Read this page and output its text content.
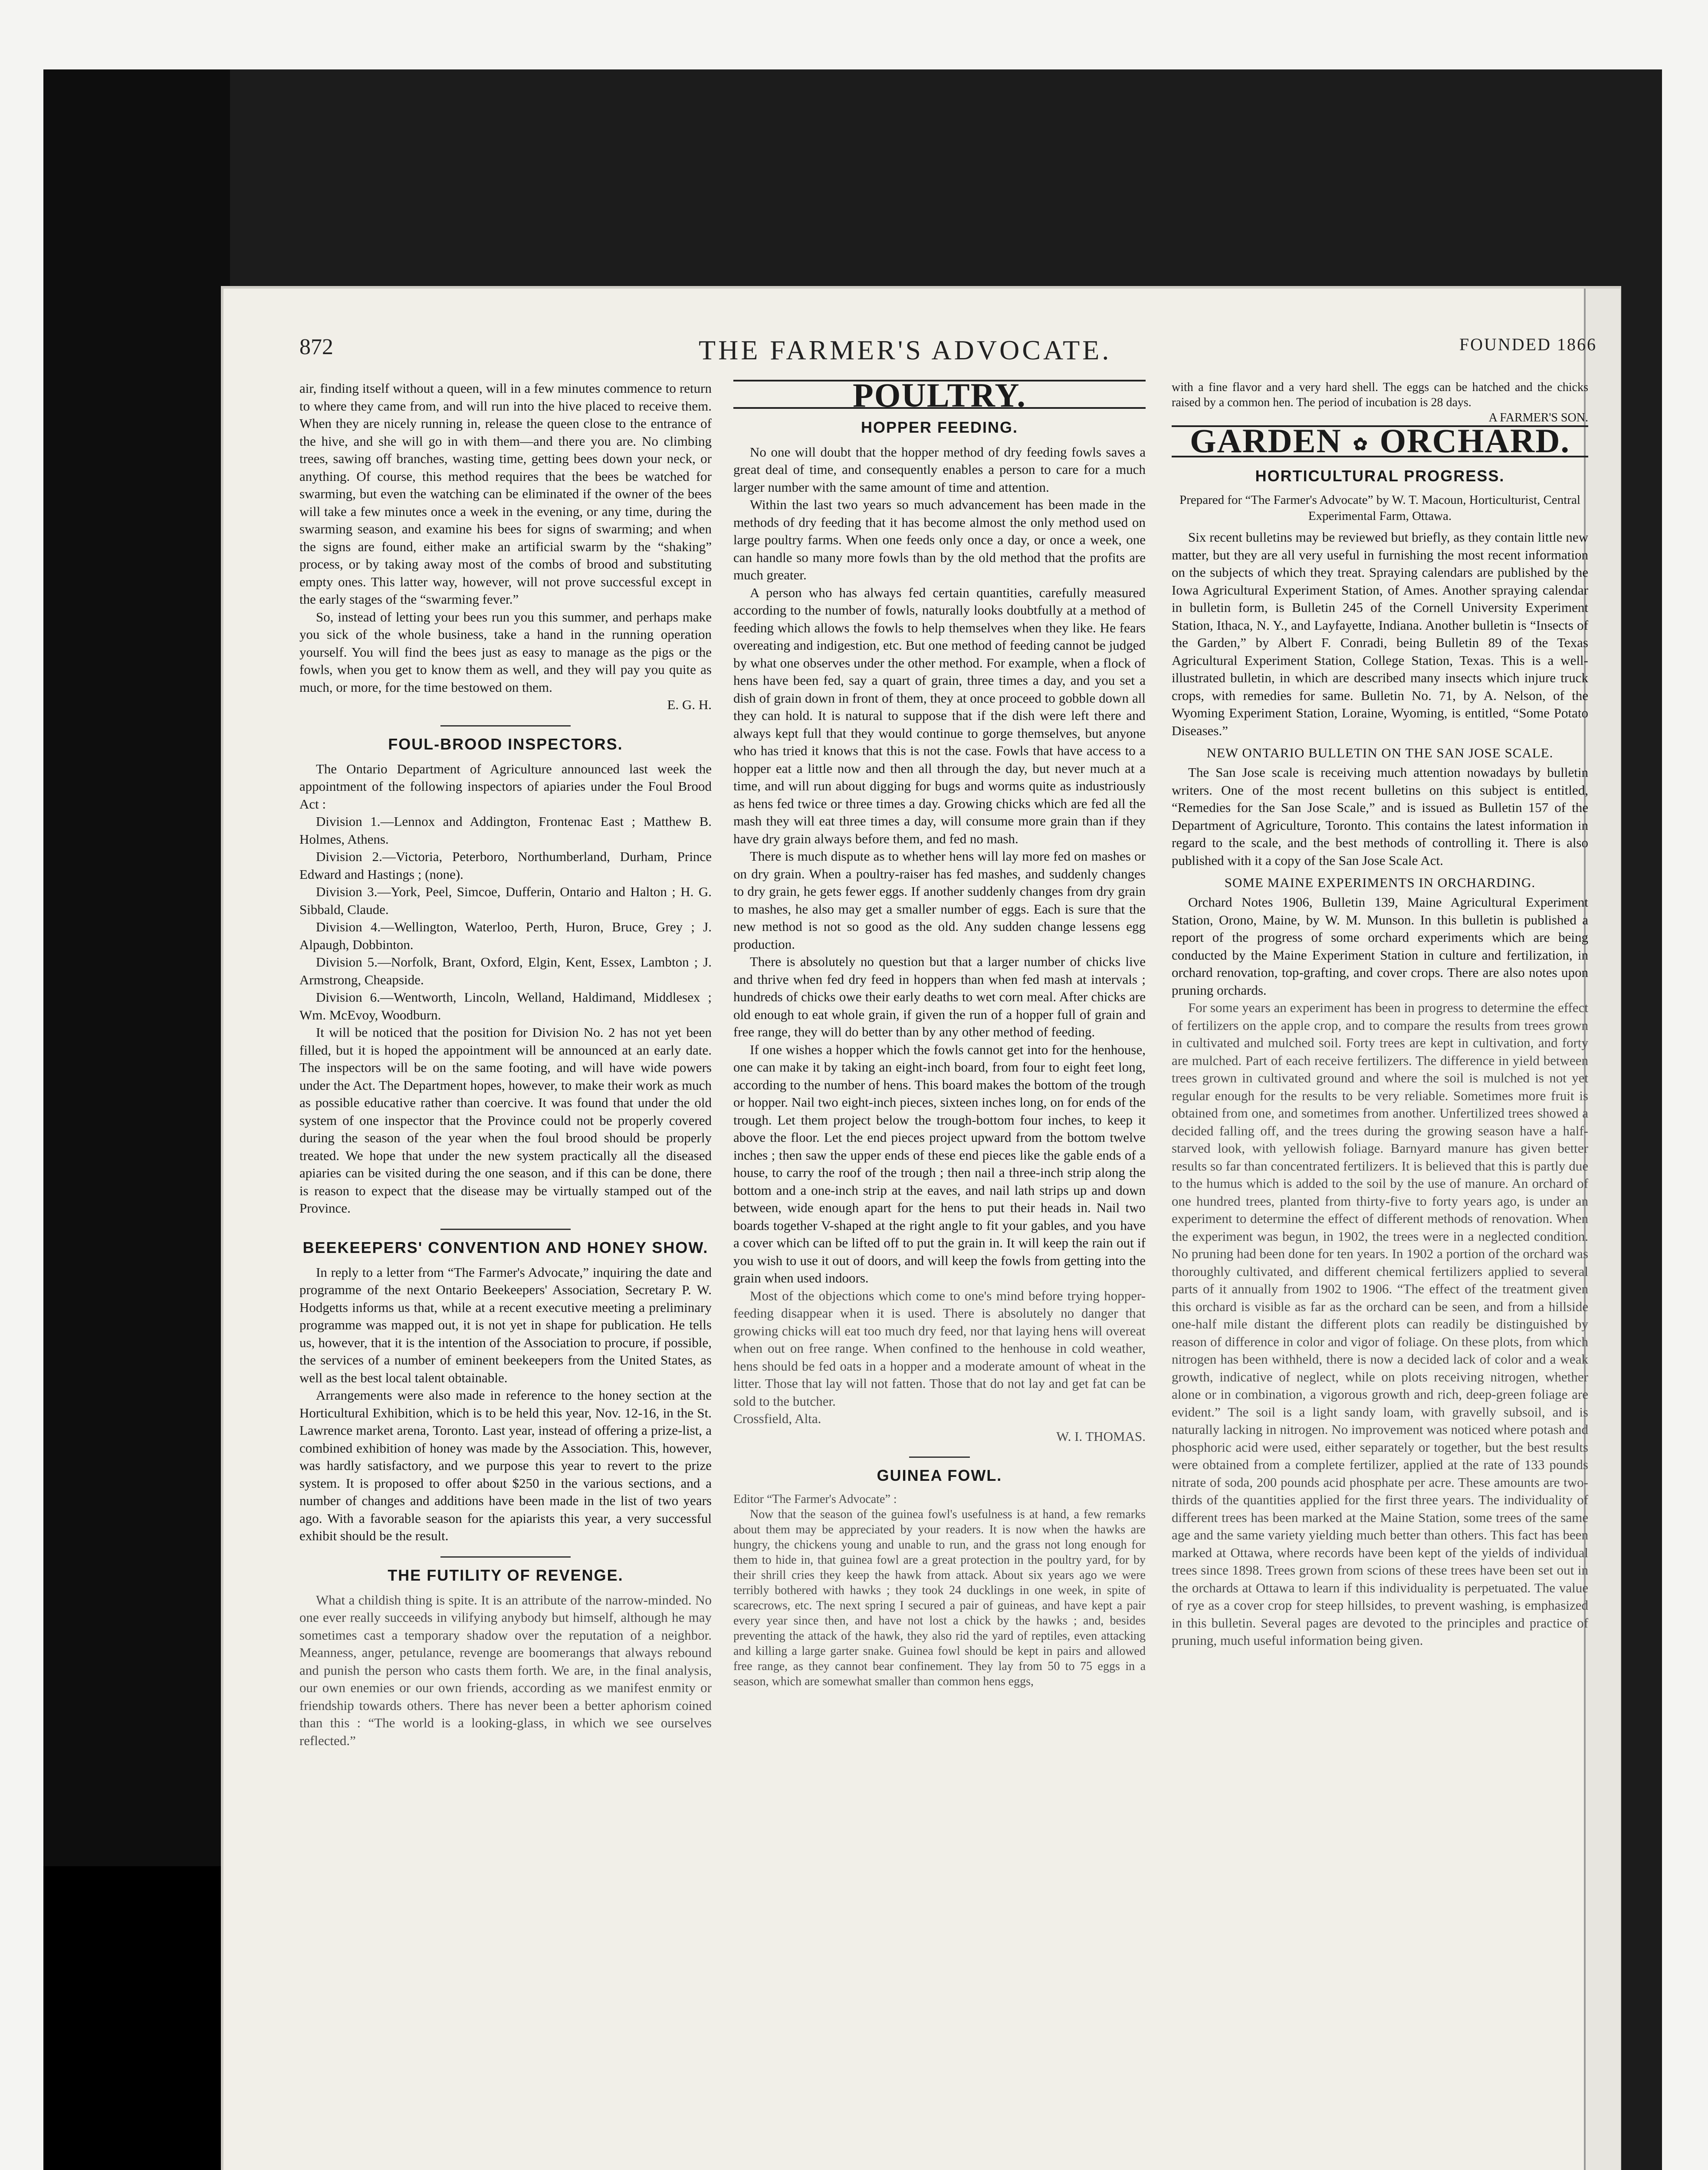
872	THE FARMER'S ADVOCATE.	FOUNDED 1866

air, finding itself without a queen, will in a few minutes commence to return to where they came from, and will run into the hive placed to receive them. When they are nicely running in, release the queen close to the entrance of the hive, and she will go in with them—and there you are. No climbing trees, sawing off branches, wasting time, getting bees down your neck, or anything. Of course, this method requires that the bees be watched for swarming, but even the watching can be eliminated if the owner of the bees will take a few minutes once a week in the evening, or any time, during the swarming season, and examine his bees for signs of swarming; and when the signs are found, either make an artificial swarm by the “shaking” process, or by taking away most of the combs of brood and substituting empty ones. This latter way, however, will not prove successful except in the early stages of the “swarming fever.”

So, instead of letting your bees run you this summer, and perhaps make you sick of the whole business, take a hand in the running operation yourself. You will find the bees just as easy to manage as the pigs or the fowls, when you get to know them as well, and they will pay you quite as much, or more, for the time bestowed on them.

E. G. H.

FOUL-BROOD INSPECTORS.

The Ontario Department of Agriculture announced last week the appointment of the following inspectors of apiaries under the Foul Brood Act :

Division 1.—Lennox and Addington, Frontenac East ; Matthew B. Holmes, Athens.

Division 2.—Victoria, Peterboro, Northumberland, Durham, Prince Edward and Hastings ; (none).

Division 3.—York, Peel, Simcoe, Dufferin, Ontario and Halton ; H. G. Sibbald, Claude.

Division 4.—Wellington, Waterloo, Perth, Huron, Bruce, Grey ; J. Alpaugh, Dobbinton.

Division 5.—Norfolk, Brant, Oxford, Elgin, Kent, Essex, Lambton ; J. Armstrong, Cheapside.

Division 6.—Wentworth, Lincoln, Welland, Haldimand, Middlesex ; Wm. McEvoy, Woodburn.

It will be noticed that the position for Division No. 2 has not yet been filled, but it is hoped the appointment will be announced at an early date. The inspectors will be on the same footing, and will have wide powers under the Act. The Department hopes, however, to make their work as much as possible educative rather than coercive. It was found that under the old system of one inspector that the Province could not be properly covered during the season of the year when the foul brood should be properly treated. We hope that under the new system practically all the diseased apiaries can be visited during the one season, and if this can be done, there is reason to expect that the disease may be virtually stamped out of the Province.

BEEKEEPERS' CONVENTION AND HONEY SHOW.

In reply to a letter from “The Farmer's Advocate,” inquiring the date and programme of the next Ontario Beekeepers' Association, Secretary P. W. Hodgetts informs us that, while at a recent executive meeting a preliminary programme was mapped out, it is not yet in shape for publication. He tells us, however, that it is the intention of the Association to procure, if possible, the services of a number of eminent beekeepers from the United States, as well as the best local talent obtainable.

Arrangements were also made in reference to the honey section at the Horticultural Exhibition, which is to be held this year, Nov. 12-16, in the St. Lawrence market arena, Toronto. Last year, instead of offering a prize-list, a combined exhibition of honey was made by the Association. This, however, was hardly satisfactory, and we purpose this year to revert to the prize system. It is proposed to offer about $250 in the various sections, and a number of changes and additions have been made in the list of two years ago. With a favorable season for the apiarists this year, a very successful exhibit should be the result.

THE FUTILITY OF REVENGE.

What a childish thing is spite. It is an attribute of the narrow-minded. No one ever really succeeds in vilifying anybody but himself, although he may sometimes cast a temporary shadow over the reputation of a neighbor. Meanness, anger, petulance, revenge are boomerangs that always rebound and punish the person who casts them forth. We are, in the final analysis, our own enemies or our own friends, according as we manifest enmity or friendship towards others. There has never been a better aphorism coined than this : “The world is a looking-glass, in which we see ourselves reflected.”

POULTRY.
HOPPER FEEDING.

No one will doubt that the hopper method of dry feeding fowls saves a great deal of time, and consequently enables a person to care for a much larger number with the same amount of time and attention.

Within the last two years so much advancement has been made in the methods of dry feeding that it has become almost the only method used on large poultry farms. When one feeds only once a day, or once a week, one can handle so many more fowls than by the old method that the profits are much greater.

A person who has always fed certain quantities, carefully measured according to the number of fowls, naturally looks doubtfully at a method of feeding which allows the fowls to help themselves when they like. He fears overeating and indigestion, etc. But one method of feeding cannot be judged by what one observes under the other method. For example, when a flock of hens have been fed, say a quart of grain, three times a day, and you set a dish of grain down in front of them, they at once proceed to gobble down all they can hold. It is natural to suppose that if the dish were left there and always kept full that they would continue to gorge themselves, but anyone who has tried it knows that this is not the case. Fowls that have access to a hopper eat a little now and then all through the day, but never much at a time, and will run about digging for bugs and worms quite as industriously as hens fed twice or three times a day. Growing chicks which are fed all the mash they will eat three times a day, will consume more grain than if they have dry grain always before them, and fed no mash.

There is much dispute as to whether hens will lay more fed on mashes or on dry grain. When a poultry-raiser has fed mashes, and suddenly changes to dry grain, he gets fewer eggs. If another suddenly changes from dry grain to mashes, he also may get a smaller number of eggs. Each is sure that the new method is not so good as the old. Any sudden change lessens egg production.

There is absolutely no question but that a larger number of chicks live and thrive when fed dry feed in hoppers than when fed mash at intervals ; hundreds of chicks owe their early deaths to wet corn meal. After chicks are old enough to eat whole grain, if given the run of a hopper full of grain and free range, they will do better than by any other method of feeding.

If one wishes a hopper which the fowls cannot get into for the henhouse, one can make it by taking an eight-inch board, from four to eight feet long, according to the number of hens. This board makes the bottom of the trough or hopper. Nail two eight-inch pieces, sixteen inches long, on for ends of the trough. Let them project below the trough-bottom four inches, to keep it above the floor. Let the end pieces project upward from the bottom twelve inches ; then saw the upper ends of these end pieces like the gable ends of a house, to carry the roof of the trough ; then nail a three-inch strip along the bottom and a one-inch strip at the eaves, and nail lath strips up and down between, wide enough apart for the hens to put their heads in. Nail two boards together V-shaped at the right angle to fit your gables, and you have a cover which can be lifted off to put the grain in. It will keep the rain out if you wish to use it out of doors, and will keep the fowls from getting into the grain when used indoors.

Most of the objections which come to one's mind before trying hopper-feeding disappear when it is used. There is absolutely no danger that growing chicks will eat too much dry feed, nor that laying hens will overeat when out on free range. When confined to the henhouse in cold weather, hens should be fed oats in a hopper and a moderate amount of wheat in the litter. Those that lay will not fatten. Those that do not lay and get fat can be sold to the butcher.

Crossfield, Alta.

W. I. THOMAS.

GUINEA FOWL.

Editor “The Farmer's Advocate” :

Now that the season of the guinea fowl's usefulness is at hand, a few remarks about them may be appreciated by your readers. It is now when the hawks are hungry, the chickens young and unable to run, and the grass not long enough for them to hide in, that guinea fowl are a great protection in the poultry yard, for by their shrill cries they keep the hawk from attack. About six years ago we were terribly bothered with hawks ; they took 24 ducklings in one week, in spite of scarecrows, etc. The next spring I secured a pair of guineas, and have kept a pair every year since then, and have not lost a chick by the hawks ; and, besides preventing the attack of the hawk, they also rid the yard of reptiles, even attacking and killing a large garter snake. Guinea fowl should be kept in pairs and allowed free range, as they cannot bear confinement. They lay from 50 to 75 eggs in a season, which are somewhat smaller than common hens eggs,

with a fine flavor and a very hard shell. The eggs can be hatched and the chicks raised by a common hen. The period of incubation is 28 days.

A FARMER'S SON.

GARDEN ✿ ORCHARD.
HORTICULTURAL PROGRESS.
Prepared for “The Farmer's Advocate” by W. T. Macoun, Horticulturist, Central Experimental Farm, Ottawa.

Six recent bulletins may be reviewed but briefly, as they contain little new matter, but they are all very useful in furnishing the most recent information on the subjects of which they treat. Spraying calendars are published by the Iowa Agricultural Experiment Station, of Ames. Another spraying calendar in bulletin form, is Bulletin 245 of the Cornell University Experiment Station, Ithaca, N. Y., and Layfayette, Indiana. Another bulletin is “Insects of the Garden,” by Albert F. Conradi, being Bulletin 89 of the Texas Agricultural Experiment Station, College Station, Texas. This is a well-illustrated bulletin, in which are described many insects which injure truck crops, with remedies for same. Bulletin No. 71, by A. Nelson, of the Wyoming Experiment Station, Loraine, Wyoming, is entitled, “Some Potato Diseases.”

NEW ONTARIO BULLETIN ON THE SAN JOSE SCALE.

The San Jose scale is receiving much attention nowadays by bulletin writers. One of the most recent bulletins on this subject is entitled, “Remedies for the San Jose Scale,” and is issued as Bulletin 157 of the Department of Agriculture, Toronto. This contains the latest information in regard to the scale, and the best methods of controlling it. There is also published with it a copy of the San Jose Scale Act.

SOME MAINE EXPERIMENTS IN ORCHARDING.

Orchard Notes 1906, Bulletin 139, Maine Agricultural Experiment Station, Orono, Maine, by W. M. Munson. In this bulletin is published a report of the progress of some orchard experiments which are being conducted by the Maine Experiment Station in culture and fertilization, in orchard renovation, top-grafting, and cover crops. There are also notes upon pruning orchards.

For some years an experiment has been in progress to determine the effect of fertilizers on the apple crop, and to compare the results from trees grown in cultivated and mulched soil. Forty trees are kept in cultivation, and forty are mulched. Part of each receive fertilizers. The difference in yield between trees grown in cultivated ground and where the soil is mulched is not yet regular enough for the results to be very reliable. Sometimes more fruit is obtained from one, and sometimes from another. Unfertilized trees showed a decided falling off, and the trees during the growing season have a half-starved look, with yellowish foliage. Barnyard manure has given better results so far than concentrated fertilizers. It is believed that this is partly due to the humus which is added to the soil by the use of manure. An orchard of one hundred trees, planted from thirty-five to forty years ago, is under an experiment to determine the effect of different methods of renovation. When the experiment was begun, in 1902, the trees were in a neglected condition. No pruning had been done for ten years. In 1902 a portion of the orchard was thoroughly cultivated, and different chemical fertilizers applied to several parts of it annually from 1902 to 1906. “The effect of the treatment given this orchard is visible as far as the orchard can be seen, and from a hillside one-half mile distant the different plots can readily be distinguished by reason of difference in color and vigor of foliage. On these plots, from which nitrogen has been withheld, there is now a decided lack of color and a weak growth, indicative of neglect, while on plots receiving nitrogen, whether alone or in combination, a vigorous growth and rich, deep-green foliage are evident.” The soil is a light sandy loam, with gravelly subsoil, and is naturally lacking in nitrogen. No improvement was noticed where potash and phosphoric acid were used, either separately or together, but the best results were obtained from a complete fertilizer, applied at the rate of 133 pounds nitrate of soda, 200 pounds acid phosphate per acre. These amounts are two-thirds of the quantities applied for the first three years. The individuality of different trees has been marked at the Maine Station, some trees of the same age and the same variety yielding much better than others. This fact has been marked at Ottawa, where records have been kept of the yields of individual trees since 1898. Trees grown from scions of these trees have been set out in the orchards at Ottawa to learn if this individuality is perpetuated. The value of rye as a cover crop for steep hillsides, to prevent washing, is emphasized in this bulletin. Several pages are devoted to the principles and practice of pruning, much useful information being given.
